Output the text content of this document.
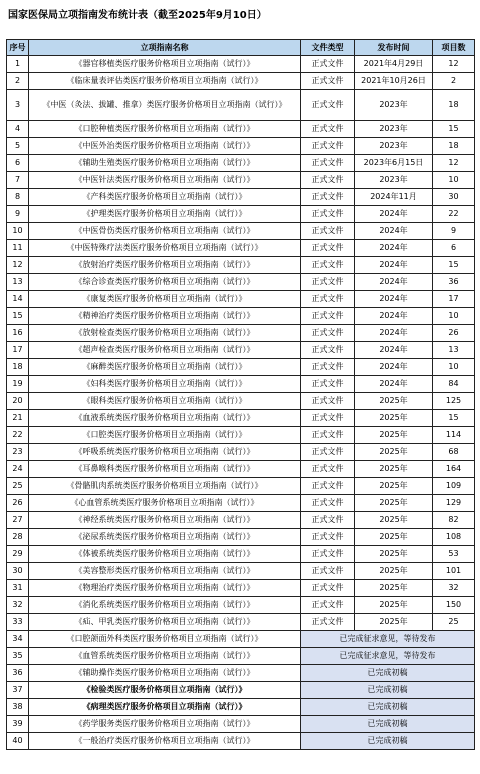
国家医保局立项指南发布统计表（截至2025年9月10日）
序号	立项指南名称	文件类型	发布时间	项目数
1	《器官移植类医疗服务价格项目立项指南（试行）》	正式文件	2021年4月29日	12
2	《临床量表评估类医疗服务价格项目立项指南（试行）》	正式文件	2021年10月26日	2
3	《中医（灸法、拔罐、推拿）类医疗服务价格项目立项指南（试行）》	正式文件	2023年	18
4	《口腔种植类医疗服务价格项目立项指南（试行）》	正式文件	2023年	15
5	《中医外治类医疗服务价格项目立项指南（试行）》	正式文件	2023年	18
6	《辅助生殖类医疗服务价格项目立项指南（试行）》	正式文件	2023年6月15日	12
7	《中医针法类医疗服务价格项目立项指南（试行）》	正式文件	2023年	10
8	《产科类医疗服务价格项目立项指南（试行）》	正式文件	2024年11月	30
9	《护理类医疗服务价格项目立项指南（试行）》	正式文件	2024年	22
10	《中医骨伤类医疗服务价格项目立项指南（试行）》	正式文件	2024年	9
11	《中医特殊疗法类医疗服务价格项目立项指南（试行）》	正式文件	2024年	6
12	《放射治疗类医疗服务价格项目立项指南（试行）》	正式文件	2024年	15
13	《综合诊查类医疗服务价格项目立项指南（试行）》	正式文件	2024年	36
14	《康复类医疗服务价格项目立项指南（试行）》	正式文件	2024年	17
15	《精神治疗类医疗服务价格项目立项指南（试行）》	正式文件	2024年	10
16	《放射检查类医疗服务价格项目立项指南（试行）》	正式文件	2024年	26
17	《超声检查类医疗服务价格项目立项指南（试行）》	正式文件	2024年	13
18	《麻醉类医疗服务价格项目立项指南（试行）》	正式文件	2024年	10
19	《妇科类医疗服务价格项目立项指南（试行）》	正式文件	2024年	84
20	《眼科类医疗服务价格项目立项指南（试行）》	正式文件	2025年	125
21	《血液系统类医疗服务价格项目立项指南（试行）》	正式文件	2025年	15
22	《口腔类医疗服务价格项目立项指南（试行）》	正式文件	2025年	114
23	《呼吸系统类医疗服务价格项目立项指南（试行）》	正式文件	2025年	68
24	《耳鼻喉科类医疗服务价格项目立项指南（试行）》	正式文件	2025年	164
25	《骨骼肌肉系统类医疗服务价格项目立项指南（试行）》	正式文件	2025年	109
26	《心血管系统类医疗服务价格项目立项指南（试行）》	正式文件	2025年	129
27	《神经系统类医疗服务价格项目立项指南（试行）》	正式文件	2025年	82
28	《泌尿系统类医疗服务价格项目立项指南（试行）》	正式文件	2025年	108
29	《体被系统类医疗服务价格项目立项指南（试行）》	正式文件	2025年	53
30	《美容整形类医疗服务价格项目立项指南（试行）》	正式文件	2025年	101
31	《物理治疗类医疗服务价格项目立项指南（试行）》	正式文件	2025年	32
32	《消化系统类医疗服务价格项目立项指南（试行）》	正式文件	2025年	150
33	《疝、甲乳类医疗服务价格项目立项指南（试行）》	正式文件	2025年	25
34	《口腔颌面外科类医疗服务价格项目立项指南（试行）》	已完成征求意见，等待发布		
35	《血管系统类医疗服务价格项目立项指南（试行）》	已完成征求意见，等待发布		
36	《辅助操作类医疗服务价格项目立项指南（试行）》	已完成初稿		
37	《检验类医疗服务价格项目立项指南（试行）》	已完成初稿		
38	《病理类医疗服务价格项目立项指南（试行）》	已完成初稿		
39	《药学服务类医疗服务价格项目立项指南（试行）》	已完成初稿		
40	《一般治疗类医疗服务价格项目立项指南（试行）》	已完成初稿		
